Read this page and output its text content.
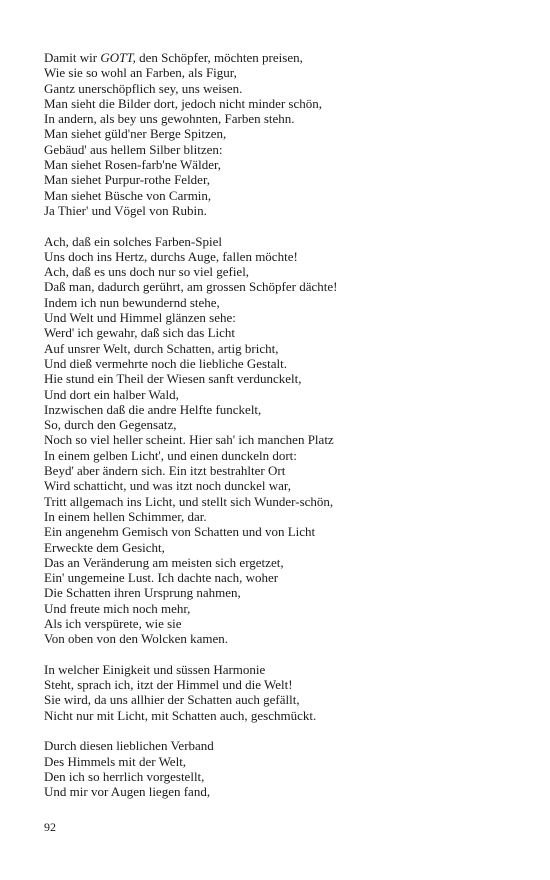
Damit wir GOTT, den Schöpfer, möchten preisen,
Wie sie so wohl an Farben, als Figur,
Gantz unerschöpflich sey, uns weisen.
Man sieht die Bilder dort, jedoch nicht minder schön,
In andern, als bey uns gewohnten, Farben stehn.
Man siehet güld'ner Berge Spitzen,
Gebäud' aus hellem Silber blitzen:
Man siehet Rosen-farb'ne Wälder,
Man siehet Purpur-rothe Felder,
Man siehet Büsche von Carmin,
Ja Thier' und Vögel von Rubin.
Ach, daß ein solches Farben-Spiel
Uns doch ins Hertz, durchs Auge, fallen möchte!
Ach, daß es uns doch nur so viel gefiel,
Daß man, dadurch gerührt, am grossen Schöpfer dächte!
Indem ich nun bewundernd stehe,
Und Welt und Himmel glänzen sehe:
Werd' ich gewahr, daß sich das Licht
Auf unsrer Welt, durch Schatten, artig bricht,
Und dieß vermehrte noch die liebliche Gestalt.
Hie stund ein Theil der Wiesen sanft verdunckelt,
Und dort ein halber Wald,
Inzwischen daß die andre Helfte funckelt,
So, durch den Gegensatz,
Noch so viel heller scheint. Hier sah' ich manchen Platz
In einem gelben Licht', und einen dunckeln dort:
Beyd' aber ändern sich. Ein itzt bestrahlter Ort
Wird schatticht, und was itzt noch dunckel war,
Tritt allgemach ins Licht, und stellt sich Wunder-schön,
In einem hellen Schimmer, dar.
Ein angenehm Gemisch von Schatten und von Licht
Erweckte dem Gesicht,
Das an Veränderung am meisten sich ergetzet,
Ein' ungemeine Lust. Ich dachte nach, woher
Die Schatten ihren Ursprung nahmen,
Und freute mich noch mehr,
Als ich verspürete, wie sie
Von oben von den Wolcken kamen.
In welcher Einigkeit und süssen Harmonie
Steht, sprach ich, itzt der Himmel und die Welt!
Sie wird, da uns allhier der Schatten auch gefällt,
Nicht nur mit Licht, mit Schatten auch, geschmückt.
Durch diesen lieblichen Verband
Des Himmels mit der Welt,
Den ich so herrlich vorgestellt,
Und mir vor Augen liegen fand,
92
